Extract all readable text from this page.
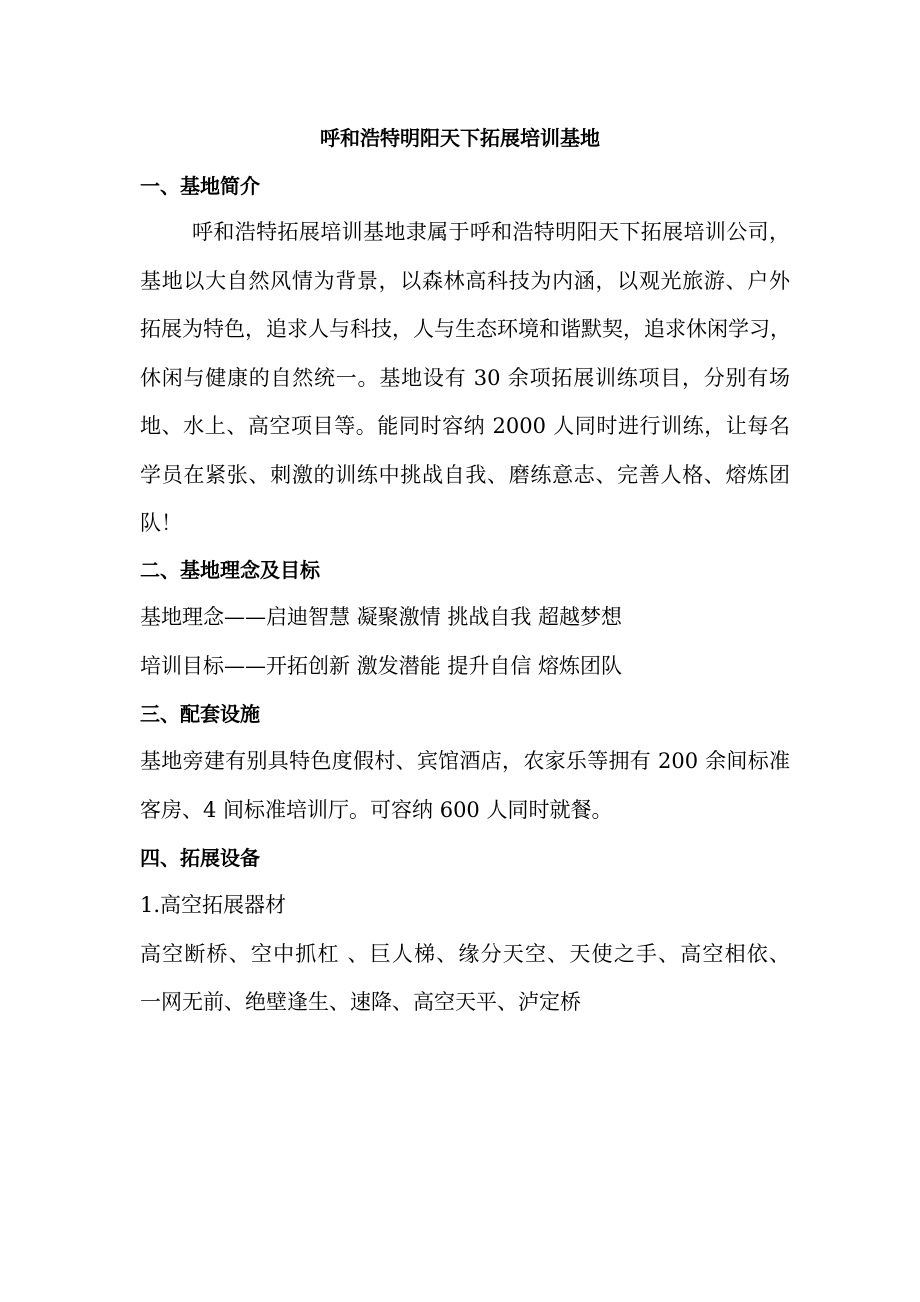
呼和浩特明阳天下拓展培训基地
一、基地简介
呼和浩特拓展培训基地隶属于呼和浩特明阳天下拓展培训公司，
基地以大自然风情为背景，以森林高科技为内涵，以观光旅游、户外
拓展为特色，追求人与科技，人与生态环境和谐默契，追求休闲学习，
休闲与健康的自然统一。基地设有 30 余项拓展训练项目，分别有场
地、水上、高空项目等。能同时容纳 2000 人同时进行训练，让每名
学员在紧张、刺激的训练中挑战自我、磨练意志、完善人格、熔炼团
队！
二、基地理念及目标
基地理念——启迪智慧 凝聚激情 挑战自我 超越梦想
培训目标——开拓创新 激发潜能 提升自信 熔炼团队
三、配套设施
基地旁建有别具特色度假村、宾馆酒店，农家乐等拥有 200 余间标准
客房、4 间标准培训厅。可容纳 600 人同时就餐。
四、拓展设备
1.高空拓展器材
高空断桥、空中抓杠 、巨人梯、缘分天空、天使之手、高空相依、
一网无前、绝壁逢生、速降、高空天平、泸定桥
